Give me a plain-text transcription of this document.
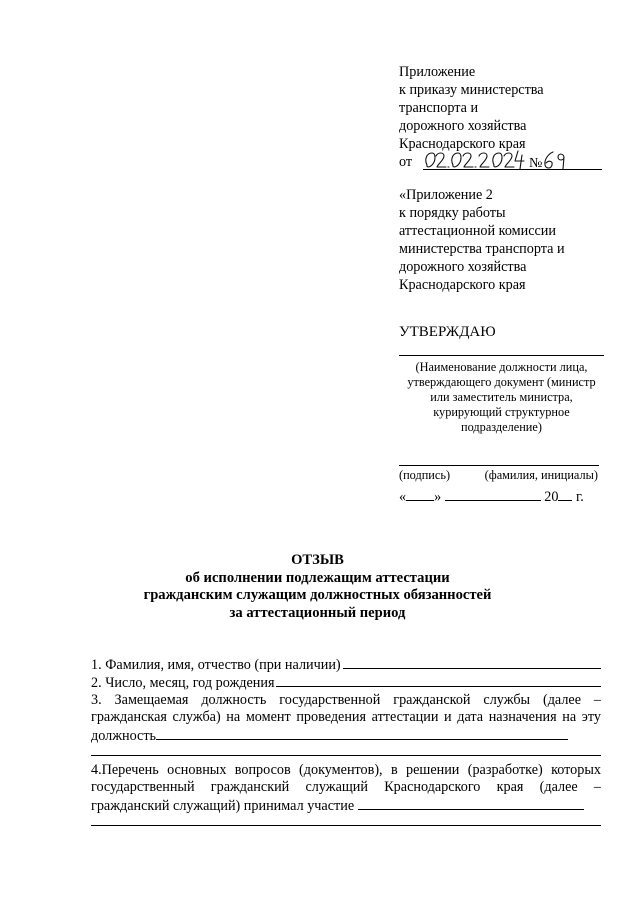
Приложение
к приказу министерства
транспорта и
дорожного хозяйства
Краснодарского края
от	№
«Приложение 2
к порядку работы
аттестационной комиссии
министерства транспорта и
дорожного хозяйства
Краснодарского края
УТВЕРЖДАЮ
(Наименование должности лица, утверждающего документ (министр или заместитель министра, курирующий структурное подразделение)
(подпись)	(фамилия, инициалы)
« »	20 г.
ОТЗЫВ
об исполнении подлежащим аттестации
гражданским служащим должностных обязанностей
за аттестационный период
1. Фамилия, имя, отчество (при наличии)
2. Число, месяц, год рождения
3. Замещаемая должность государственной гражданской службы (далее – гражданская служба) на момент проведения аттестации и дата назначения на эту должность
4.Перечень основных вопросов (документов), в решении (разработке) которых государственный гражданский служащий Краснодарского края (далее – гражданский служащий) принимал участие
